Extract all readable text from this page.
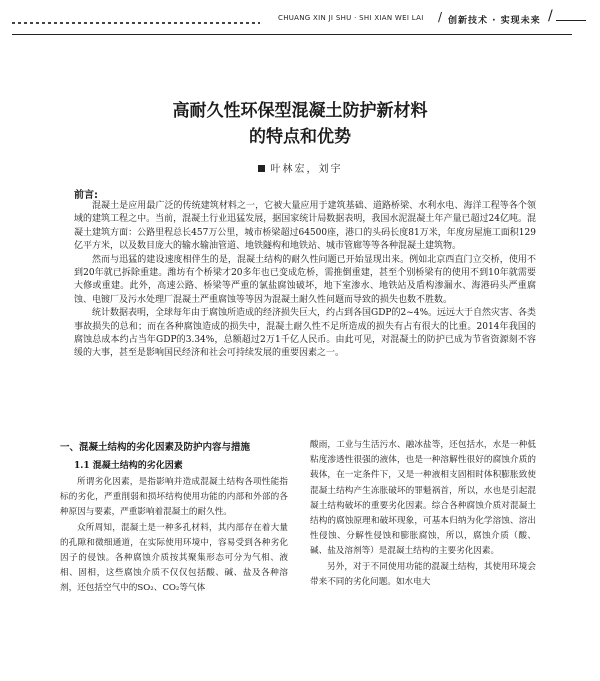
CHUANG XIN JI SHU · SHI XIAN WEI LAI / 创新技术 · 实现未来 /
高耐久性环保型混凝土防护新材料
的特点和优势
叶林宏，刘宇
前言:

混凝土是应用最广泛的传统建筑材料之一，它被大量应用于建筑基础、道路桥梁、水利水电、海洋工程等各个领域的建筑工程之中。当前，混凝土行业迅猛发展，据国家统计局数据表明，我国水泥混凝土年产量已超过24亿吨。混凝土建筑方面：公路里程总长457万公里，城市桥梁超过64500座，港口的头码长度81万米，年度房屋施工面积129亿平方米，以及数目庞大的输水输油管道、地铁隧构和地铁站、城市管廊等等各种混凝土建筑物。

然而与迅猛的建设速度相伴生的是，混凝土结构的耐久性问题已开始显现出来。例如北京西直门立交桥，使用不到20年就已拆除重建。潍坊有个桥梁才20多年也已变成危桥，需推倒重建，甚至个别桥梁有的使用不到10年就需要大修或重建。此外，高速公路、桥梁等严重的氯盐腐蚀破坏，地下室渗水、地铁站及盾构渗漏水、海港码头严重腐蚀、电镀厂及污水处理厂混凝土严重腐蚀等等因为混凝土耐久性问题而导致的损失也数不胜数。

统计数据表明，全球每年由于腐蚀所造成的经济损失巨大，约占到各国GDP的2~4%。远远大于自然灾害、各类事故损失的总和；而在各种腐蚀造成的损失中，混凝土耐久性不足所造成的损失有占有很大的比重。2014年我国的腐蚀总成本约占当年GDP的3.34%，总额超过2万1千亿人民币。由此可见，对混凝土的防护已成为节省资源刻不容缓的大事，甚至是影响国民经济和社会可持续发展的重要因素之一。

一、混凝土结构的劣化因素及防护内容与措施
1.1 混凝土结构的劣化因素

所谓劣化因素，是指影响并造成混凝土结构各项性能指标的劣化，严重削弱和损坏结构使用功能的内部和外部的各种原因与要素，严重影响着混凝土的耐久性。

众所周知，混凝土是一种多孔材料，其内部存在着大量的孔隙和微细通道，在实际使用环境中，容易受到各种劣化因子的侵蚀。各种腐蚀介质按其聚集形态可分为气相、液相、固相，这些腐蚀介质不仅仅包括酸、碱、盐及各种溶剂，还包括空气中的SO₂、CO₂等气体

酸雨，工业与生活污水、融冰盐等，还包括水，水是一种低粘度渗透性很强的液体，也是一种溶解性很好的腐蚀介质的载体，在一定条件下，又是一种液相支固相时体积膨胀致使混凝土结构产生冻胀破坏的罪魁祸首，所以，水也是引起混凝土结构破坏的重要劣化因素。综合各种腐蚀介质对混凝土结构的腐蚀原理和破坏现象，可基本归纳为化学溶蚀、溶出性侵蚀、分解性侵蚀和膨胀腐蚀，所以，腐蚀介质（酸、碱、盐及溶剂等）是混凝土结构的主要劣化因素。

另外，对于不同使用功能的混凝土结构，其使用环境会带来不同的劣化问题。如水电大
